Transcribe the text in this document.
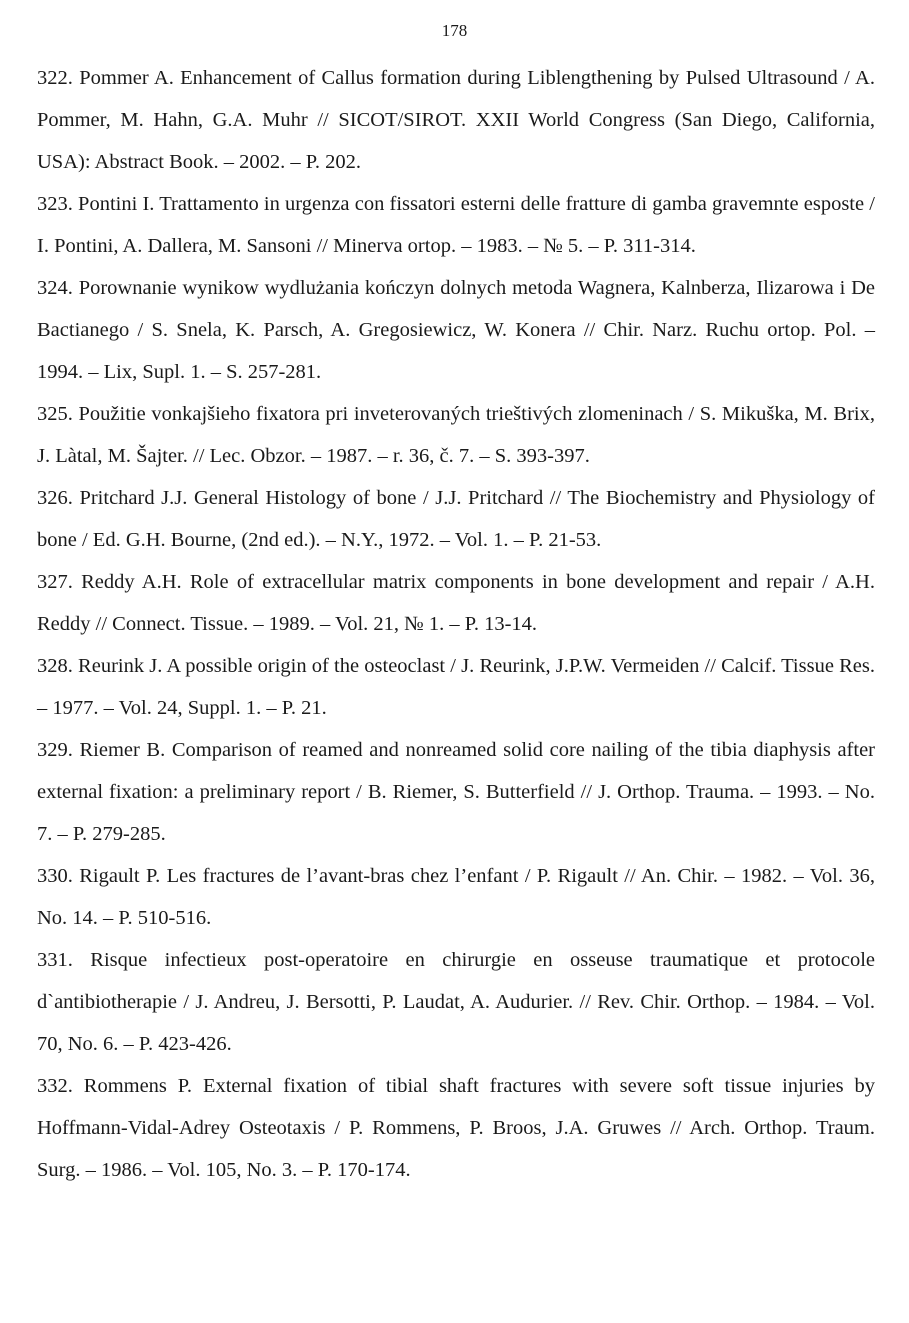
178
322. Pommer A. Enhancement of Callus formation during Liblengthening by Pulsed Ultrasound / A. Pommer, M. Hahn, G.A. Muhr // SICOT/SIROT. XXII World Congress (San Diego, California, USA): Abstract Book. – 2002. – P. 202.
323. Pontini I. Trattamento in urgenza con fissatori esterni delle fratture di gamba gravemnte esposte / I. Pontini, A. Dallera, M. Sansoni // Minerva ortop. – 1983. – № 5. – P. 311-314.
324. Porownanie wynikow wydlużania kończyn dolnych metoda Wagnera, Kalnberza, Ilizarowa i De Bactianego / S. Snela, K. Parsch, A. Gregosiewicz, W. Konera // Chir. Narz. Ruchu ortop. Pol. – 1994. – Lix, Supl. 1. – S. 257-281.
325. Použitie vonkajšieho fixatora pri inveterovaných trieštivých zlomeninach / S. Mikuška, M. Brix, J. Làtal, M. Šajter. // Lec. Obzor. – 1987. – r. 36, č. 7. – S. 393-397.
326. Pritchard J.J. General Histology of bone / J.J. Pritchard // The Biochemistry and Physiology of bone / Ed. G.H. Bourne, (2nd ed.). – N.Y., 1972. – Vol. 1. – P. 21-53.
327. Reddy A.H. Role of extracellular matrix components in bone development and repair / A.H. Reddy // Connect. Tissue. – 1989. – Vol. 21, № 1. – P. 13-14.
328. Reurink J. A possible origin of the osteoclast / J. Reurink, J.P.W. Vermeiden // Calcif. Tissue Res. – 1977. – Vol. 24, Suppl. 1. – P. 21.
329. Riemer B. Comparison of reamed and nonreamed solid core nailing of the tibia diaphysis after external fixation: a preliminary report / B. Riemer, S. Butterfield // J. Orthop. Trauma. – 1993. – No. 7. – P. 279-285.
330. Rigault P. Les fractures de l’avant-bras chez l’enfant / P. Rigault // An. Chir. – 1982. – Vol. 36, No. 14. – P. 510-516.
331. Risque infectieux post-operatoire en chirurgie en osseuse traumatique et protocole d`antibiotherapie / J. Andreu, J. Bersotti, P. Laudat, A. Audurier. // Rev. Chir. Orthop. – 1984. – Vol. 70, No. 6. – P. 423-426.
332. Rommens P. External fixation of tibial shaft fractures with severe soft tissue injuries by Hoffmann-Vidal-Adrey Osteotaxis / P. Rommens, P. Broos, J.A. Gruwes // Arch. Orthop. Traum. Surg. – 1986. – Vol. 105, No. 3. – P. 170-174.
